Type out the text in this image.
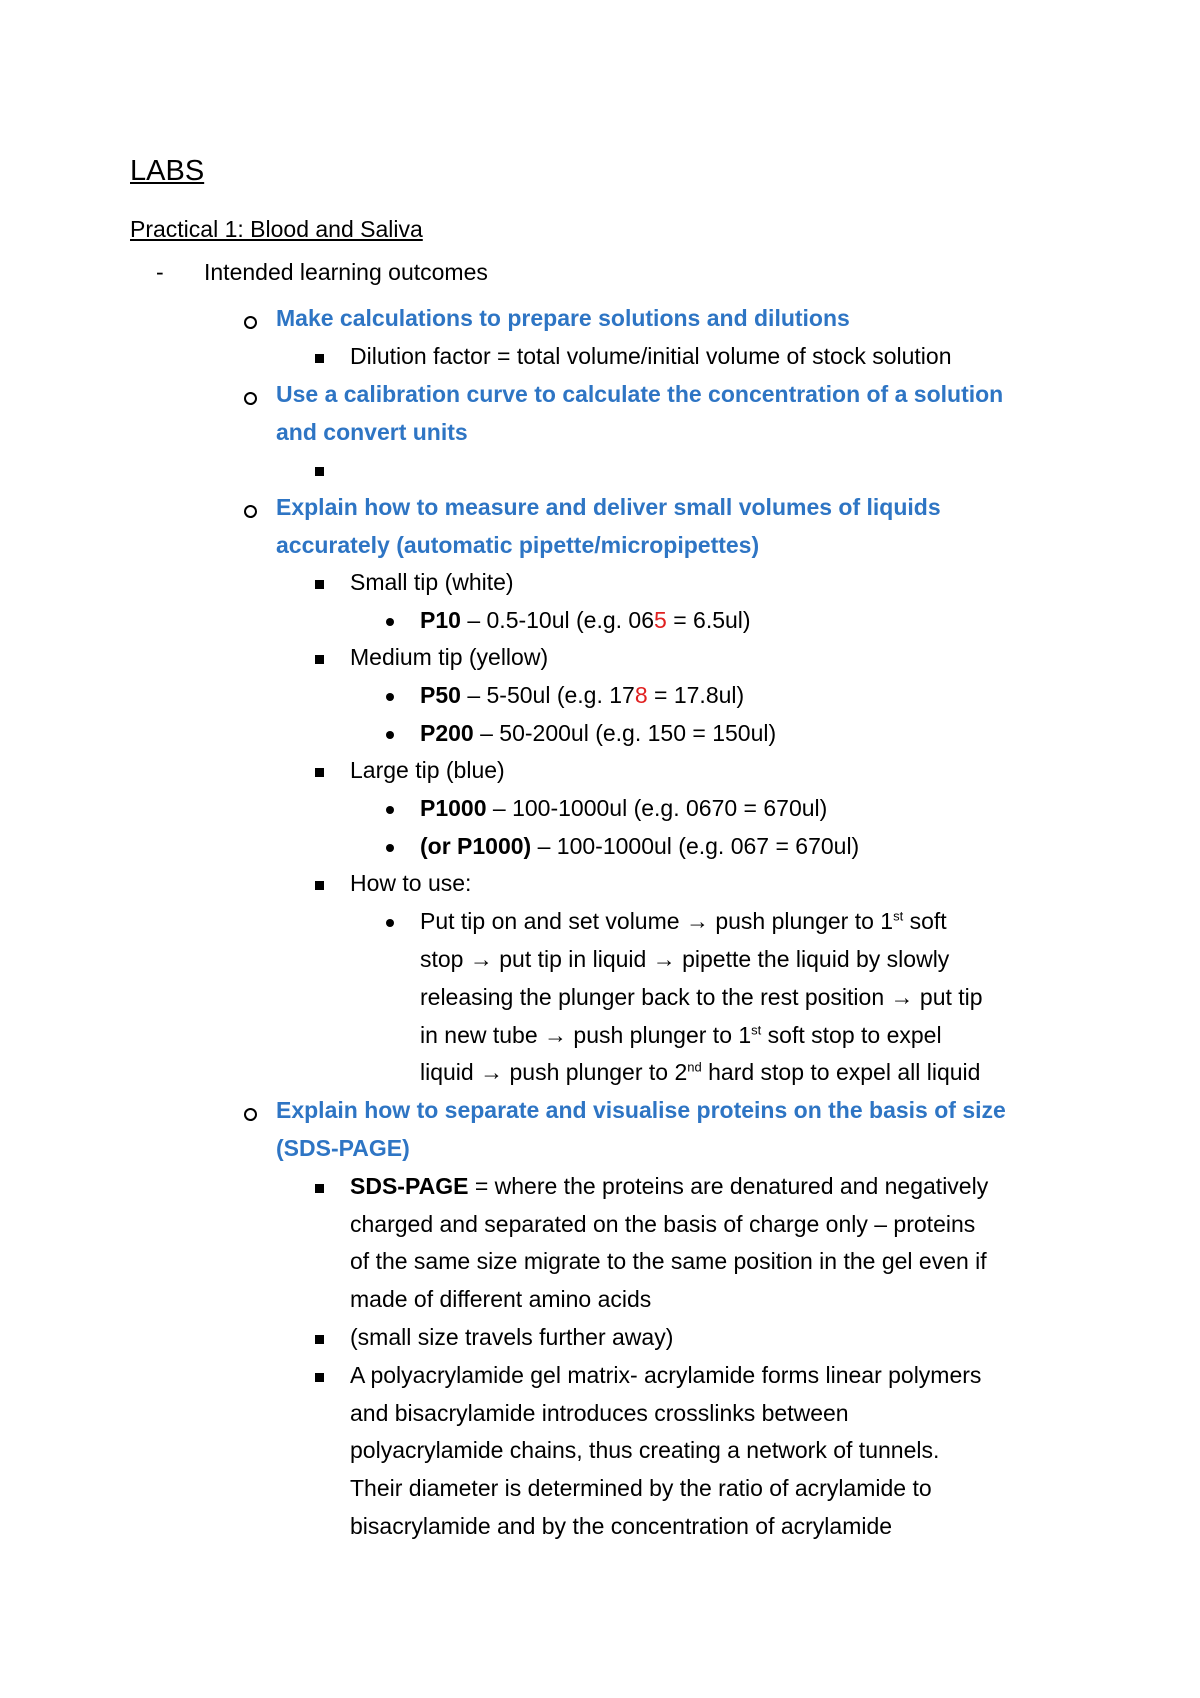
LABS
Practical 1: Blood and Saliva
- Intended learning outcomes
Make calculations to prepare solutions and dilutions
Dilution factor = total volume/initial volume of stock solution
Use a calibration curve to calculate the concentration of a solution
and convert units
Explain how to measure and deliver small volumes of liquids
accurately (automatic pipette/micropipettes)
Small tip (white)
P10 – 0.5-10ul (e.g. 065 = 6.5ul)
Medium tip (yellow)
P50 – 5-50ul (e.g. 178 = 17.8ul)
P200 – 50-200ul (e.g. 150 = 150ul)
Large tip (blue)
P1000 – 100-1000ul (e.g. 0670 = 670ul)
(or P1000) – 100-1000ul (e.g. 067 = 670ul)
How to use:
Put tip on and set volume → push plunger to 1st soft
stop → put tip in liquid → pipette the liquid by slowly
releasing the plunger back to the rest position → put tip
in new tube → push plunger to 1st soft stop to expel
liquid → push plunger to 2nd hard stop to expel all liquid
Explain how to separate and visualise proteins on the basis of size
(SDS-PAGE)
SDS-PAGE = where the proteins are denatured and negatively
charged and separated on the basis of charge only – proteins
of the same size migrate to the same position in the gel even if
made of different amino acids
(small size travels further away)
A polyacrylamide gel matrix- acrylamide forms linear polymers
and bisacrylamide introduces crosslinks between
polyacrylamide chains, thus creating a network of tunnels.
Their diameter is determined by the ratio of acrylamide to
bisacrylamide and by the concentration of acrylamide
